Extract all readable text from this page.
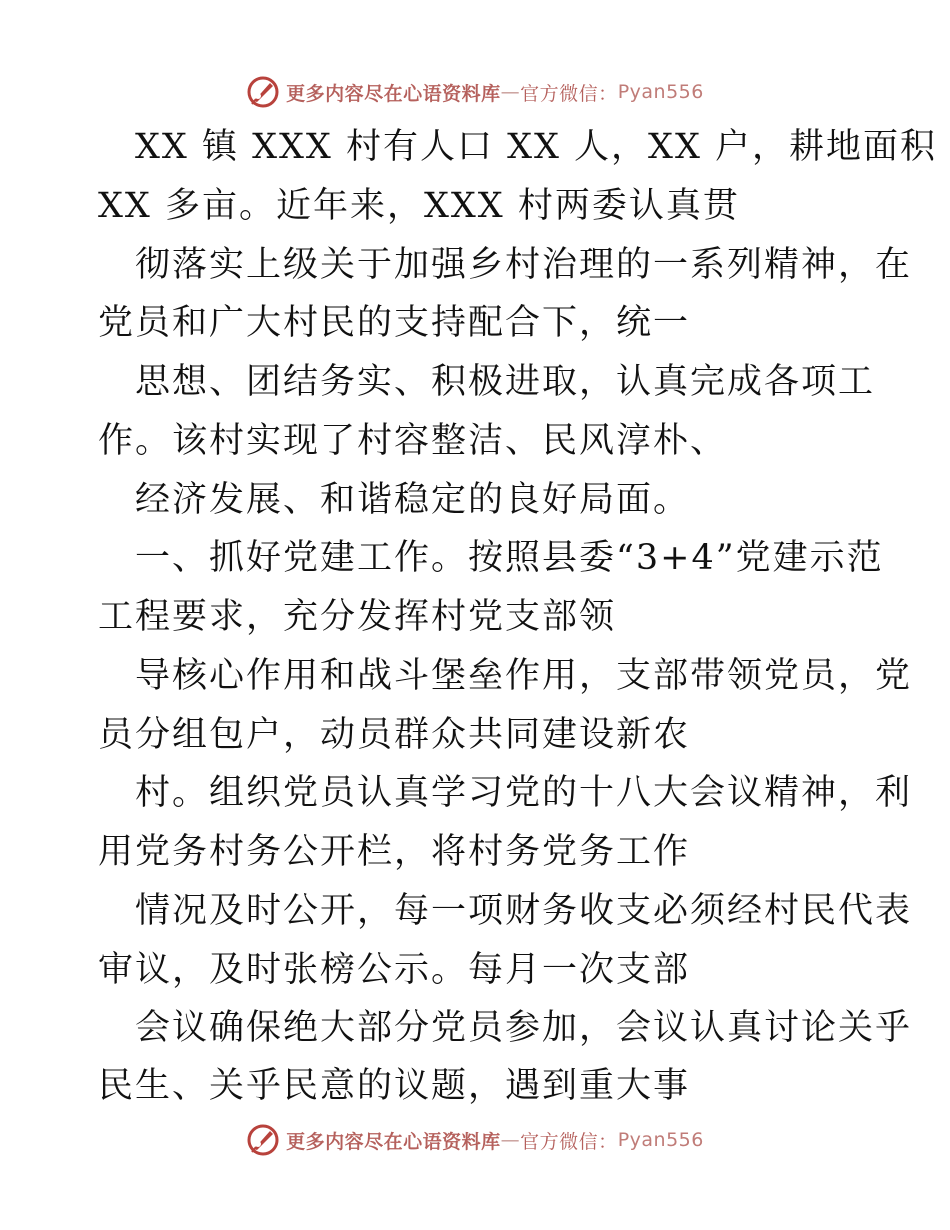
更多内容尽在心语资料库 — 官方微信： Pyan556
XX 镇 XXX 村有人口 XX 人，XX 户，耕地面积
XX 多亩。近年来，XXX 村两委认真贯
彻落实上级关于加强乡村治理的一系列精神，在
党员和广大村民的支持配合下，统一
思想、团结务实、积极进取，认真完成各项工
作。该村实现了村容整洁、民风淳朴、
经济发展、和谐稳定的良好局面。
一、抓好党建工作。按照县委“3+4”党建示范
工程要求，充分发挥村党支部领
导核心作用和战斗堡垒作用，支部带领党员，党
员分组包户，动员群众共同建设新农
村。组织党员认真学习党的十八大会议精神，利
用党务村务公开栏，将村务党务工作
情况及时公开，每一项财务收支必须经村民代表
审议，及时张榜公示。每月一次支部
会议确保绝大部分党员参加，会议认真讨论关乎
民生、关乎民意的议题，遇到重大事
更多内容尽在心语资料库 — 官方微信： Pyan556
